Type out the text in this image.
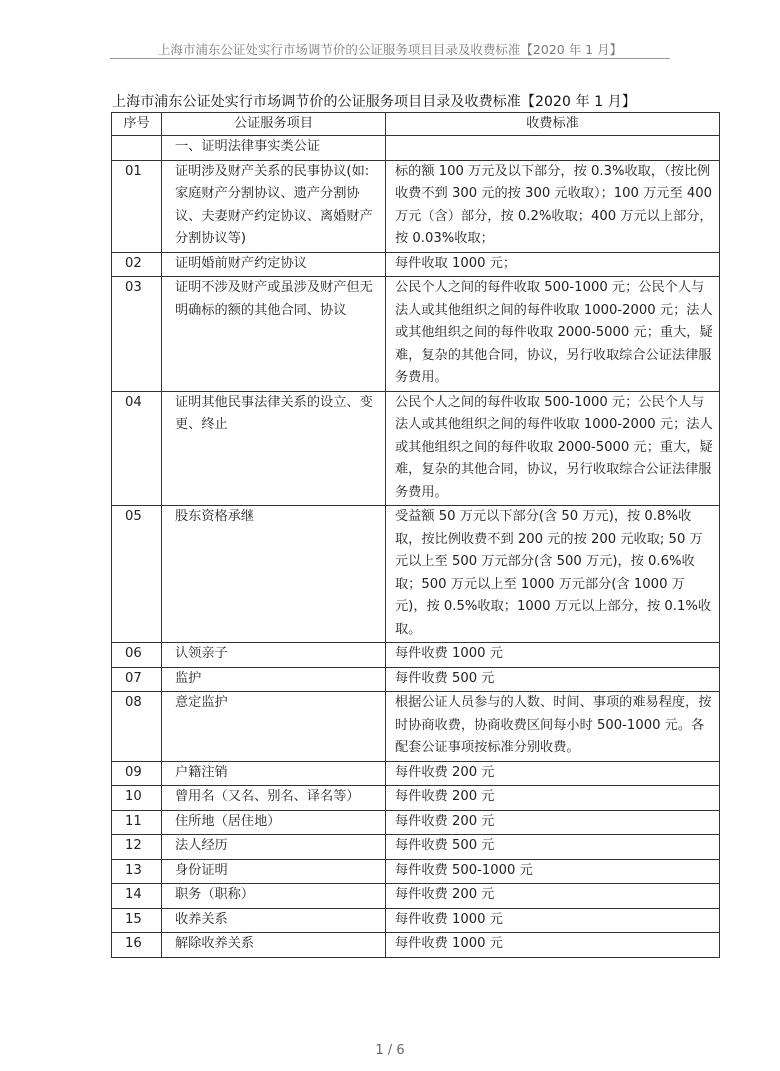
上海市浦东公证处实行市场调节价的公证服务项目目录及收费标准【2020 年 1 月】
上海市浦东公证处实行市场调节价的公证服务项目目录及收费标准【2020 年 1 月】
序号	公证服务项目	收费标准
	一、证明法律事实类公证	
01	证明涉及财产关系的民事协议(如:家庭财产分割协议、遗产分割协议、夫妻财产约定协议、离婚财产分割协议等)	标的额 100 万元及以下部分，按 0.3%收取，（按比例收费不到 300 元的按 300 元收取）；100 万元至 400 万元（含）部分，按 0.2%收取；400 万元以上部分，按 0.03%收取；
02	证明婚前财产约定协议	每件收取 1000 元；
03	证明不涉及财产或虽涉及财产但无明确标的额的其他合同、协议	公民个人之间的每件收取 500-1000 元；公民个人与法人或其他组织之间的每件收取 1000-2000 元；法人或其他组织之间的每件收取 2000-5000 元；重大，疑难，复杂的其他合同，协议，另行收取综合公证法律服务费用。
04	证明其他民事法律关系的设立、变更、终止	公民个人之间的每件收取 500-1000 元；公民个人与法人或其他组织之间的每件收取 1000-2000 元；法人或其他组织之间的每件收取 2000-5000 元；重大，疑难，复杂的其他合同，协议，另行收取综合公证法律服务费用。
05	股东资格承继	受益额 50 万元以下部分(含 50 万元)，按 0.8%收取，按比例收费不到 200 元的按 200 元收取; 50 万元以上至 500 万元部分(含 500 万元)，按 0.6%收取；500 万元以上至 1000 万元部分(含 1000 万元)，按 0.5%收取；1000 万元以上部分，按 0.1%收取。
06	认领亲子	每件收费 1000 元
07	监护	每件收费 500 元
08	意定监护	根据公证人员参与的人数、时间、事项的难易程度，按时协商收费，协商收费区间每小时 500-1000 元。各配套公证事项按标准分别收费。
09	户籍注销	每件收费 200 元
10	曾用名（又名、别名、译名等）	每件收费 200 元
11	住所地（居住地）	每件收费 200 元
12	法人经历	每件收费 500 元
13	身份证明	每件收费 500-1000 元
14	职务（职称）	每件收费 200 元
15	收养关系	每件收费 1000 元
16	解除收养关系	每件收费 1000 元
1 / 6
